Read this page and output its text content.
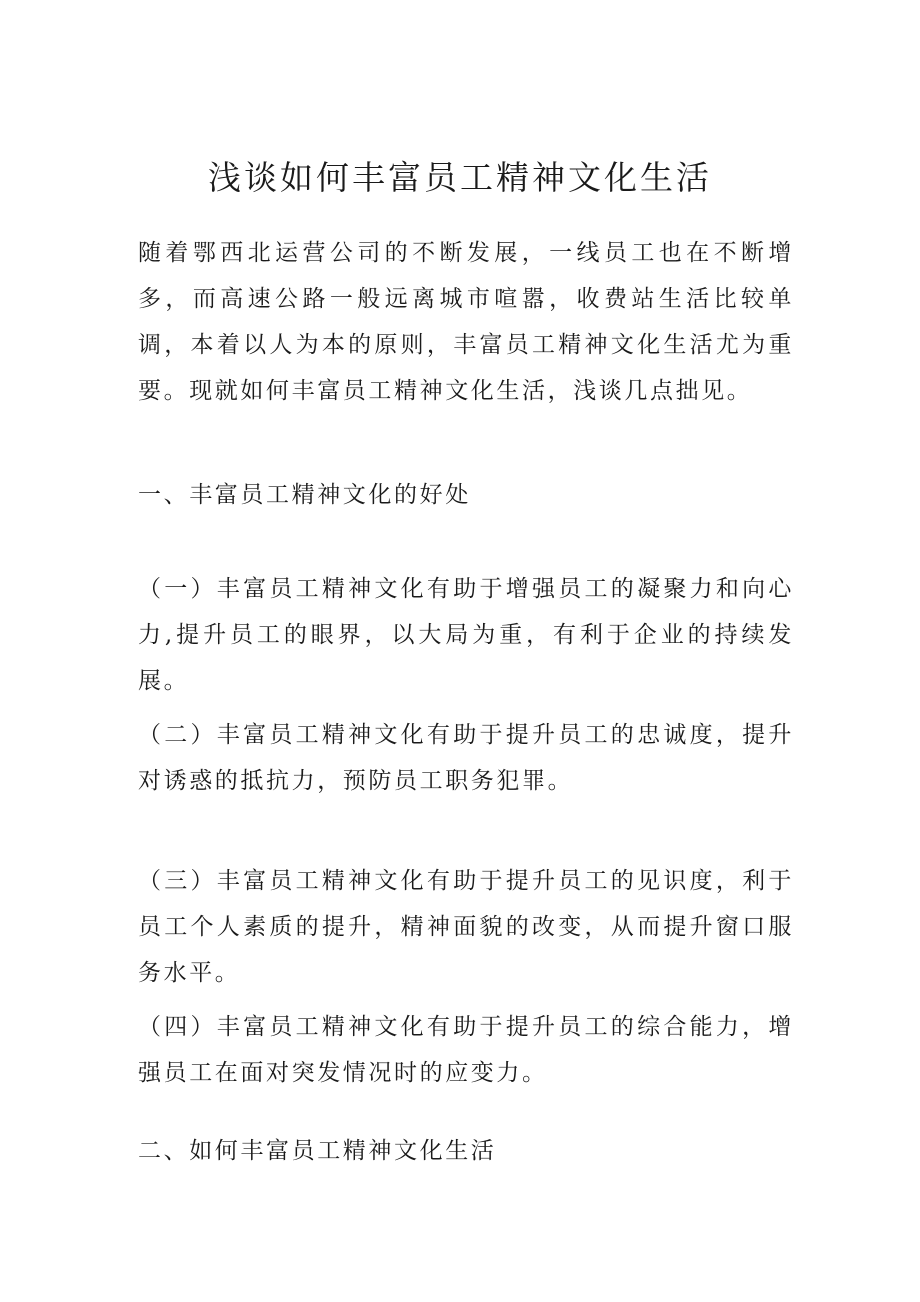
浅谈如何丰富员工精神文化生活

随着鄂西北运营公司的不断发展，一线员工也在不断增多，而高速公路一般远离城市喧嚣，收费站生活比较单调，本着以人为本的原则，丰富员工精神文化生活尤为重要。现就如何丰富员工精神文化生活，浅谈几点拙见。

一、丰富员工精神文化的好处

（一）丰富员工精神文化有助于增强员工的凝聚力和向心力,提升员工的眼界，以大局为重，有利于企业的持续发展。

（二）丰富员工精神文化有助于提升员工的忠诚度，提升对诱惑的抵抗力，预防员工职务犯罪。

（三）丰富员工精神文化有助于提升员工的见识度，利于员工个人素质的提升，精神面貌的改变，从而提升窗口服务水平。

（四）丰富员工精神文化有助于提升员工的综合能力，增强员工在面对突发情况时的应变力。

二、如何丰富员工精神文化生活
